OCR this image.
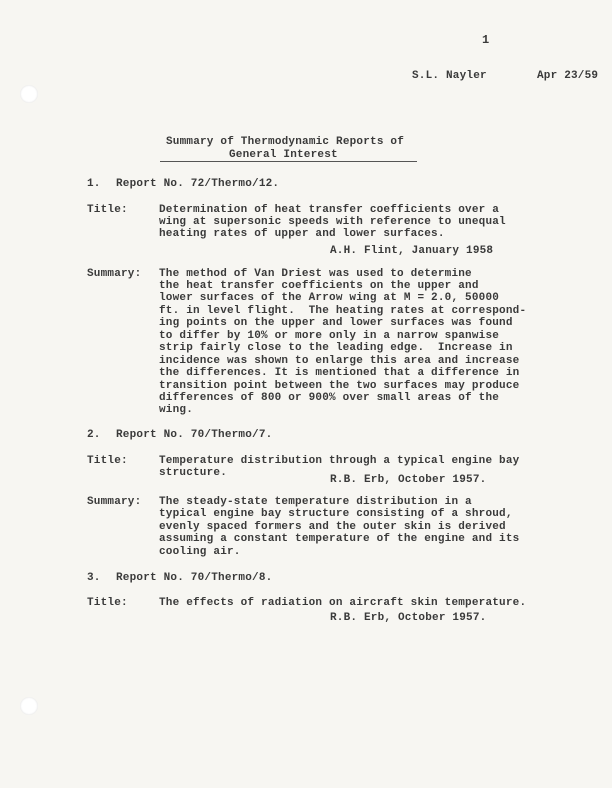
1
S.L. Nayler	Apr 23/59
Summary of Thermodynamic Reports of
General Interest
1. Report No. 72/Thermo/12.
Title:	Determination of heat transfer coefficients over a
wing at supersonic speeds with reference to unequal
heating rates of upper and lower surfaces.
A.H. Flint, January 1958
Summary: The method of Van Driest was used to determine
the heat transfer coefficients on the upper and
lower surfaces of the Arrow wing at M = 2.0, 50000
ft. in level flight.  The heating rates at correspond-
ing points on the upper and lower surfaces was found
to differ by 10% or more only in a narrow spanwise
strip fairly close to the leading edge.  Increase in
incidence was shown to enlarge this area and increase
the differences. It is mentioned that a difference in
transition point between the two surfaces may produce
differences of 800 or 900% over small areas of the
wing.
2. Report No. 70/Thermo/7.
Title:	Temperature distribution through a typical engine bay
structure.
R.B. Erb, October 1957.
Summary: The steady-state temperature distribution in a
typical engine bay structure consisting of a shroud,
evenly spaced formers and the outer skin is derived
assuming a constant temperature of the engine and its
cooling air.
3. Report No. 70/Thermo/8.
Title:	The effects of radiation on aircraft skin temperature.
R.B. Erb, October 1957.
